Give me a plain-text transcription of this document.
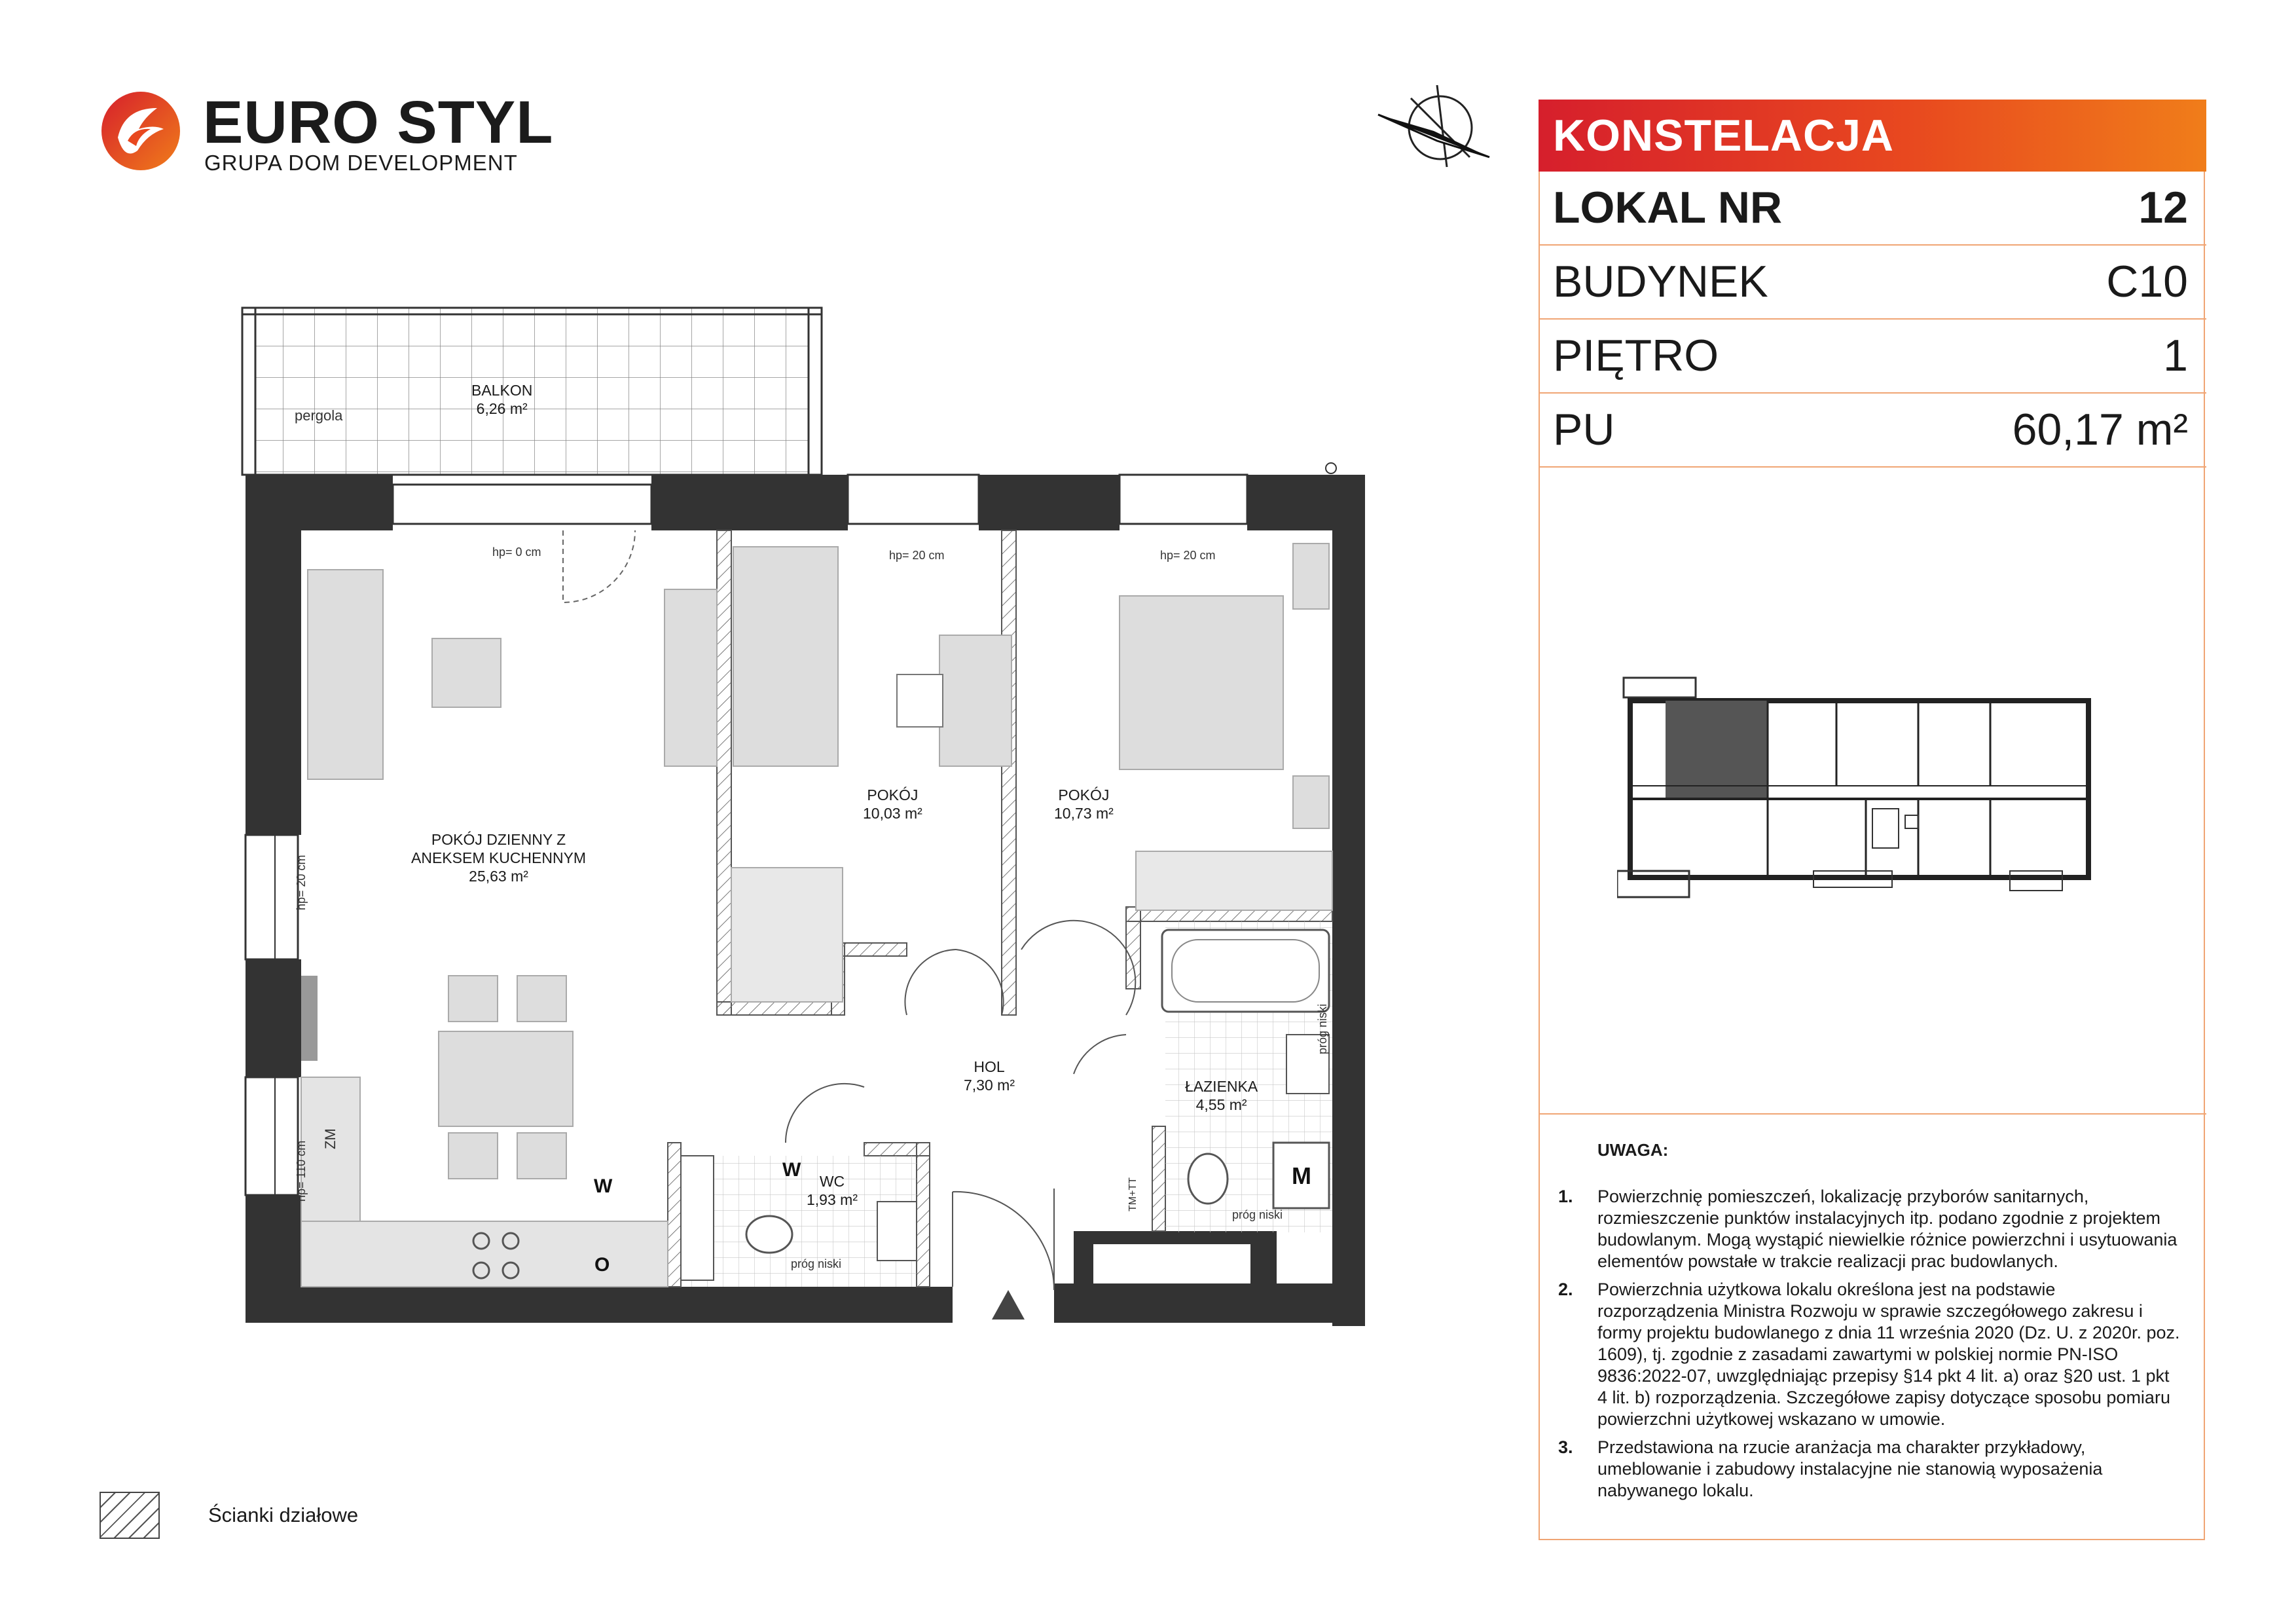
EURO STYL
GRUPA DOM DEVELOPMENT
KONSTELACJA
LOKAL NR	12
BUDYNEK	C10
PIĘTRO	1
PU	60,17 m²
BALKON
6,26 m²
pergola
POKÓJ DZIENNY Z
ANEKSEM KUCHENNYM
25,63 m²
POKÓJ
10,03 m²
POKÓJ
10,73 m²
HOL
7,30 m²	ŁAZIENKA
4,55 m²
WC
1,93 m²
hp= 0 cm	hp= 20 cm	hp= 20 cm
hp= 20 cm
hp= 110 cm
ZM
próg niski
próg niski
próg niski
TM+TT
M
W
W
O
UWAGA:
1. Powierzchnię pomieszczeń, lokalizację przyborów sanitarnych, rozmieszczenie punktów instalacyjnych itp. podano zgodnie z projektem budowlanym. Mogą wystąpić niewielkie różnice powierzchni i usytuowania elementów powstałe w trakcie realizacji prac budowlanych.
2. Powierzchnia użytkowa lokalu określona jest na podstawie rozporządzenia Ministra Rozwoju w sprawie szczegółowego zakresu i formy projektu budowlanego z dnia 11 września 2020 (Dz. U. z 2020r. poz. 1609), tj. zgodnie z zasadami zawartymi w polskiej normie PN-ISO 9836:2022-07, uwzględniając przepisy §14 pkt 4 lit. a) oraz §20 ust. 1 pkt 4 lit. b) rozporządzenia. Szczegółowe zapisy dotyczące sposobu pomiaru powierzchni użytkowej wskazano w umowie.
3. Przedstawiona na rzucie aranżacja ma charakter przykładowy, umeblowanie i zabudowy instalacyjne nie stanowią wyposażenia nabywanego lokalu.
Ścianki działowe
